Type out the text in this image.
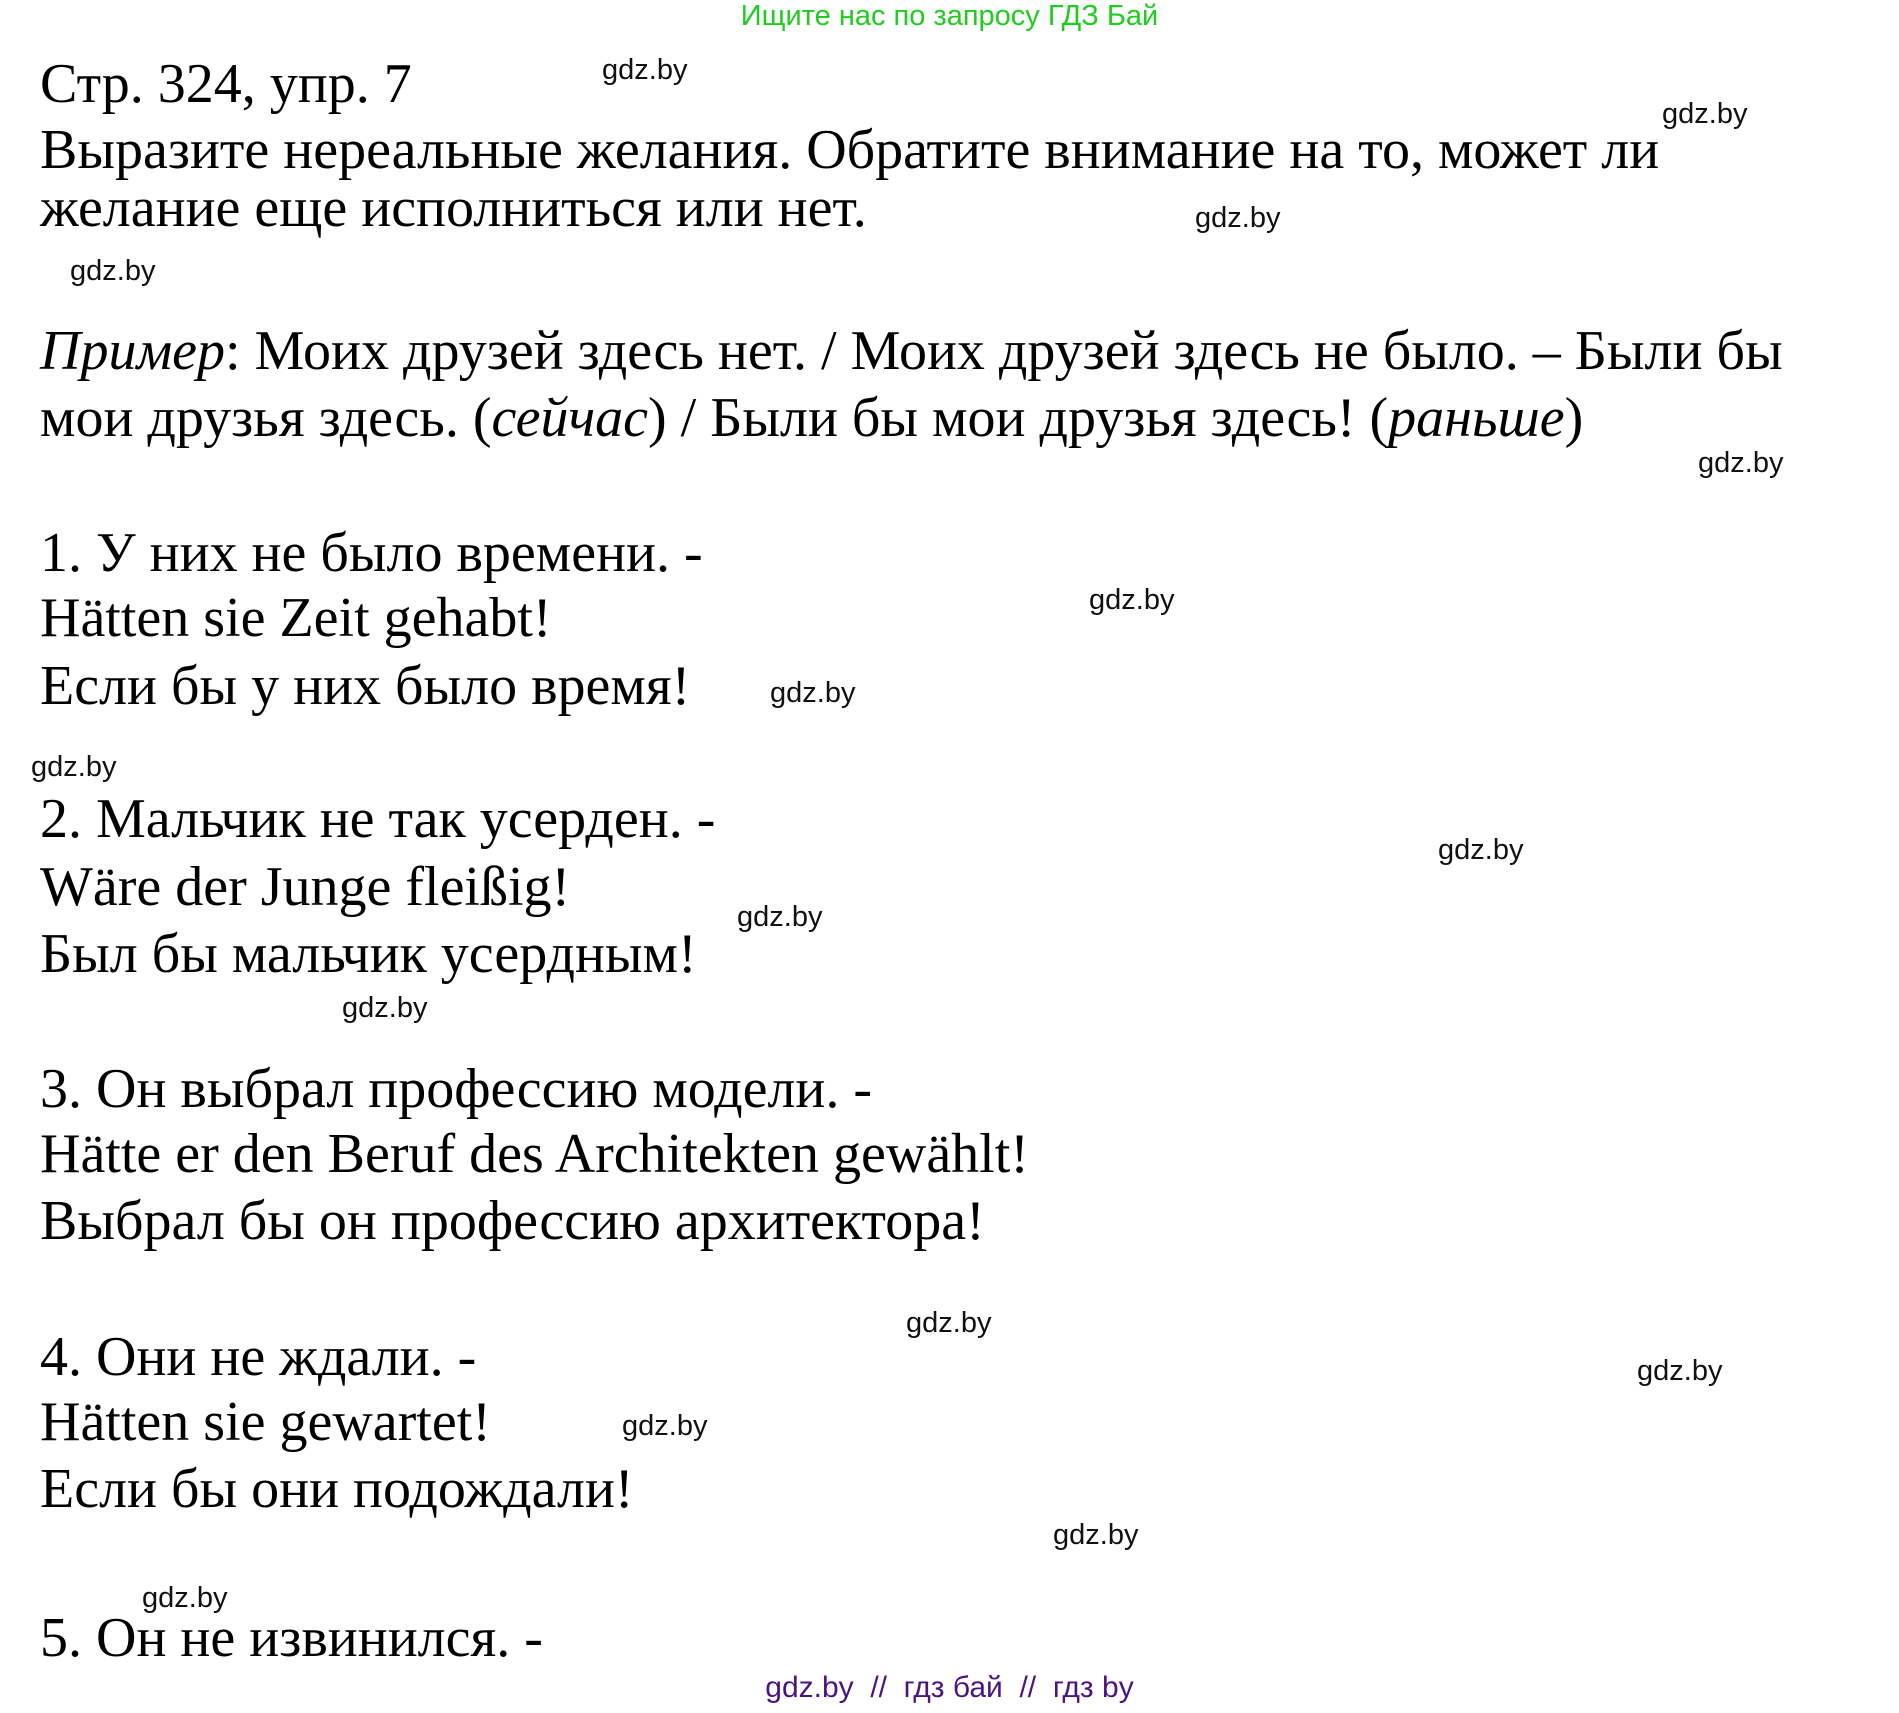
Ищите нас по запросу ГДЗ Бай
Стр. 324, упр. 7
Выразите нереальные желания. Обратите внимание на то, может ли
желание еще исполниться или нет.
Пример: Моих друзей здесь нет. / Моих друзей здесь не было. – Были бы
мои друзья здесь. (сейчас) / Были бы мои друзья здесь! (раньше)
1. У них не было времени. -
Hätten sie Zeit gehabt!
Если бы у них было время!
2. Мальчик не так усерден. -
Wäre der Junge fleißig!
Был бы мальчик усердным!
3. Он выбрал профессию модели. -
Hätte er den Beruf des Architekten gewählt!
Выбрал бы он профессию архитектора!
4. Они не ждали. -
Hätten sie gewartet!
Если бы они подождали!
5. Он не извинился. -
gdz.by
gdz.by
gdz.by
gdz.by
gdz.by
gdz.by
gdz.by
gdz.by
gdz.by
gdz.by
gdz.by
gdz.by
gdz.by
gdz.by
gdz.by
gdz.by
gdz.by  //  гдз бай  //  гдз by
